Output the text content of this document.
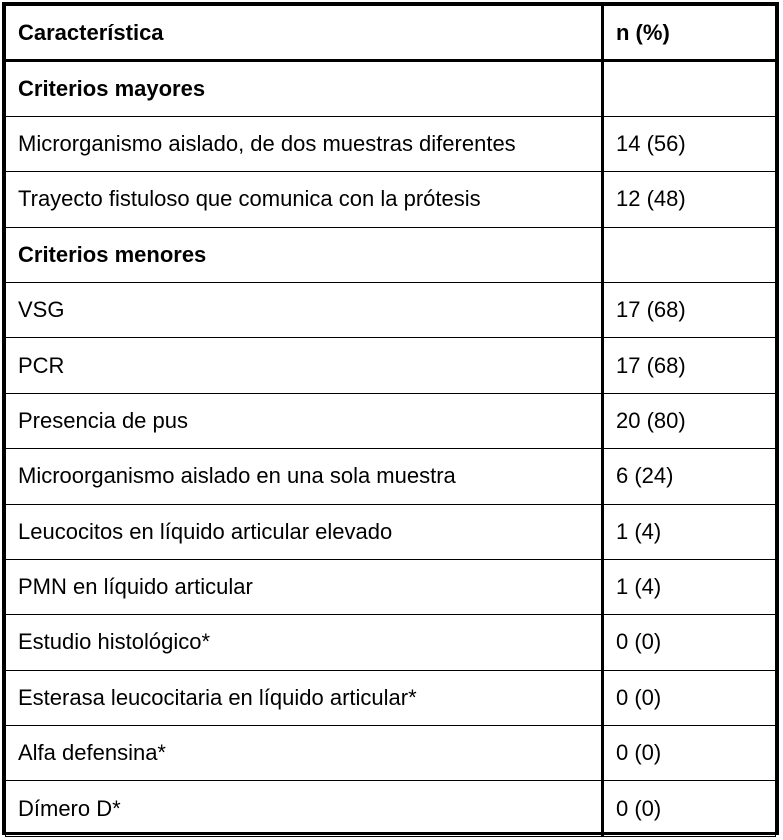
Característica	n (%)
Criterios mayores	
Microrganismo aislado, de dos muestras diferentes	14 (56)
Trayecto fistuloso que comunica con la prótesis	12 (48)
Criterios menores	
VSG	17 (68)
PCR	17 (68)
Presencia de pus	20 (80)
Microorganismo aislado en una sola muestra	6 (24)
Leucocitos en líquido articular elevado	1 (4)
PMN en líquido articular	1 (4)
Estudio histológico*	0 (0)
Esterasa leucocitaria en líquido articular*	0 (0)
Alfa defensina*	0 (0)
Dímero D*	0 (0)
